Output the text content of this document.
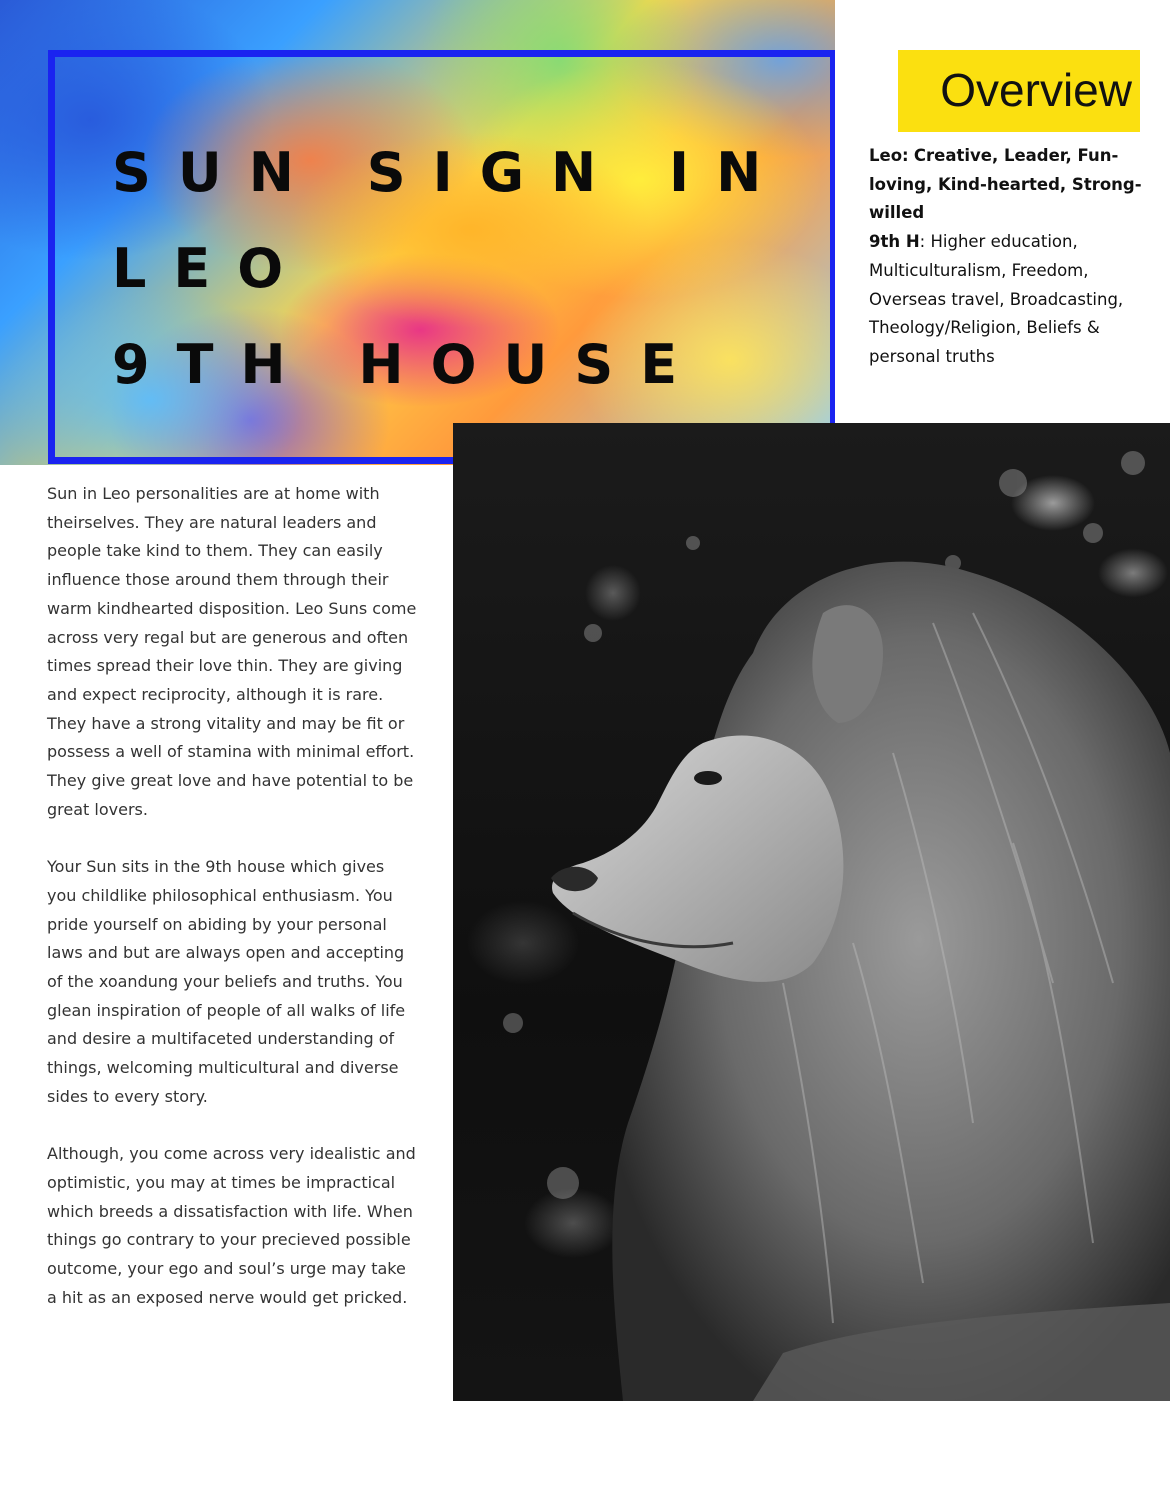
SUN SIGN IN
LEO
9TH HOUSE
Overview
Leo: Creative, Leader, Fun-loving, Kind-hearted, Strong-willed
9th H: Higher education, Multiculturalism, Freedom, Overseas travel, Broadcasting, Theology/Religion, Beliefs & personal truths

Sun in Leo personalities are at home with theirselves. They are natural leaders and people take kind to them. They can easily influence those around them through their warm kindhearted disposition. Leo Suns come across very regal but are generous and often times spread their love thin. They are giving and expect reciprocity, although it is rare. They have a strong vitality and may be fit or possess a well of stamina with minimal effort. They give great love and have potential to be great lovers.

Your Sun sits in the 9th house which gives you childlike philosophical enthusiasm. You pride yourself on abiding by your personal laws and but are always open and accepting of the xoandung your beliefs and truths. You glean inspiration of people of all walks of life and desire a multifaceted understanding of things, welcoming multicultural and diverse sides to every story.

Although, you come across very idealistic and optimistic, you may at times be impractical which breeds a dissatisfaction with life. When things go contrary to your precieved possible outcome, your ego and soul’s urge may take a hit as an exposed nerve would get pricked.
